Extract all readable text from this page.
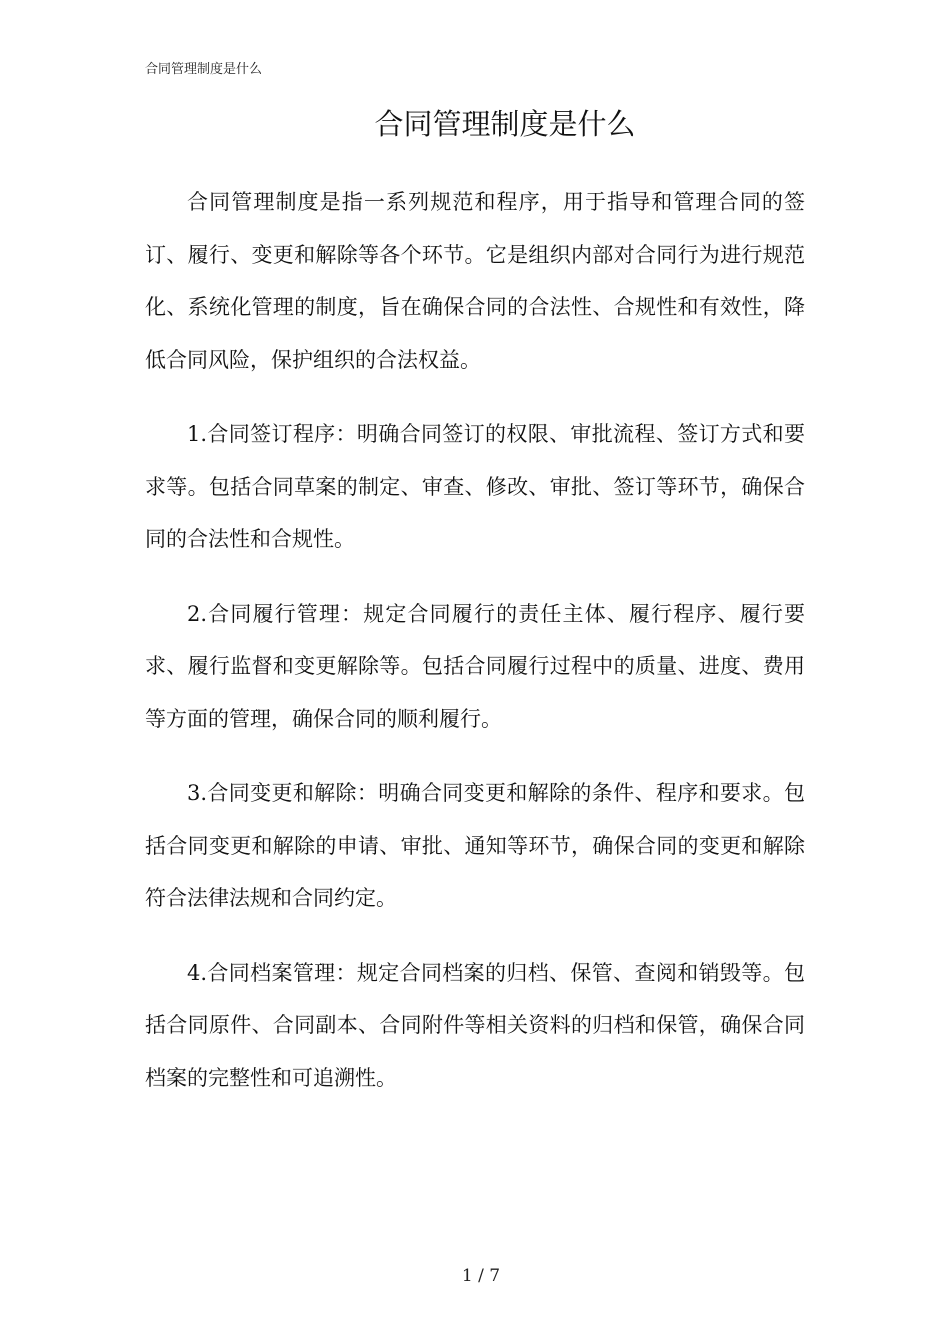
合同管理制度是什么
合同管理制度是什么

合同管理制度是指一系列规范和程序，用于指导和管理合同的签订、履行、变更和解除等各个环节。它是组织内部对合同行为进行规范化、系统化管理的制度，旨在确保合同的合法性、合规性和有效性，降低合同风险，保护组织的合法权益。

1.合同签订程序：明确合同签订的权限、审批流程、签订方式和要求等。包括合同草案的制定、审查、修改、审批、签订等环节，确保合同的合法性和合规性。

2.合同履行管理：规定合同履行的责任主体、履行程序、履行要求、履行监督和变更解除等。包括合同履行过程中的质量、进度、费用等方面的管理，确保合同的顺利履行。

3.合同变更和解除：明确合同变更和解除的条件、程序和要求。包括合同变更和解除的申请、审批、通知等环节，确保合同的变更和解除符合法律法规和合同约定。

4.合同档案管理：规定合同档案的归档、保管、查阅和销毁等。包括合同原件、合同副本、合同附件等相关资料的归档和保管，确保合同档案的完整性和可追溯性。

1 / 7
